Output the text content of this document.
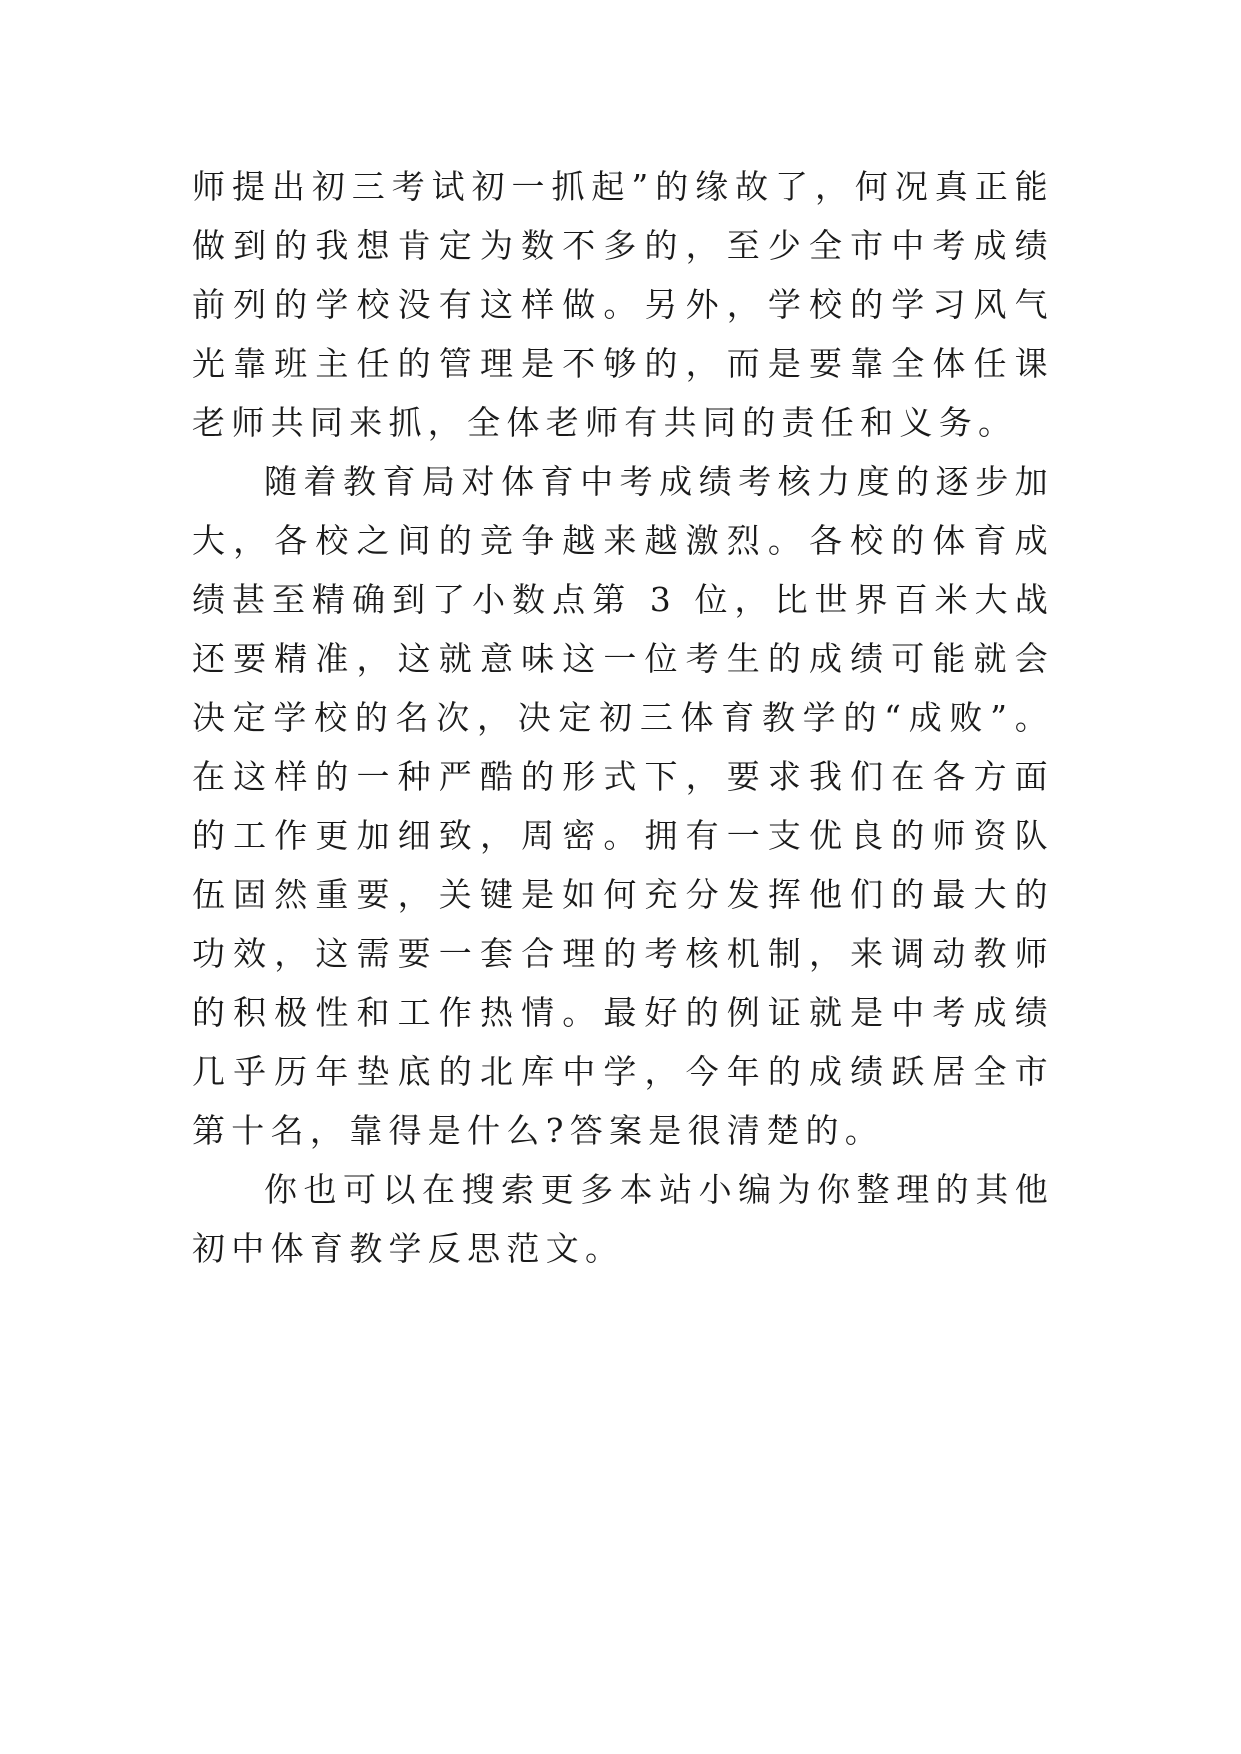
师提出初三考试初一抓起”的缘故了，何况真正能做到的我想肯定为数不多的，至少全市中考成绩前列的学校没有这样做。另外，学校的学习风气光靠班主任的管理是不够的，而是要靠全体任课老师共同来抓，全体老师有共同的责任和义务。

随着教育局对体育中考成绩考核力度的逐步加大，各校之间的竞争越来越激烈。各校的体育成绩甚至精确到了小数点第 3 位，比世界百米大战还要精准，这就意味这一位考生的成绩可能就会决定学校的名次，决定初三体育教学的“成败”。在这样的一种严酷的形式下，要求我们在各方面的工作更加细致，周密。拥有一支优良的师资队伍固然重要，关键是如何充分发挥他们的最大的功效，这需要一套合理的考核机制，来调动教师的积极性和工作热情。最好的例证就是中考成绩几乎历年垫底的北库中学，今年的成绩跃居全市第十名，靠得是什么?答案是很清楚的。

你也可以在搜索更多本站小编为你整理的其他初中体育教学反思范文。
